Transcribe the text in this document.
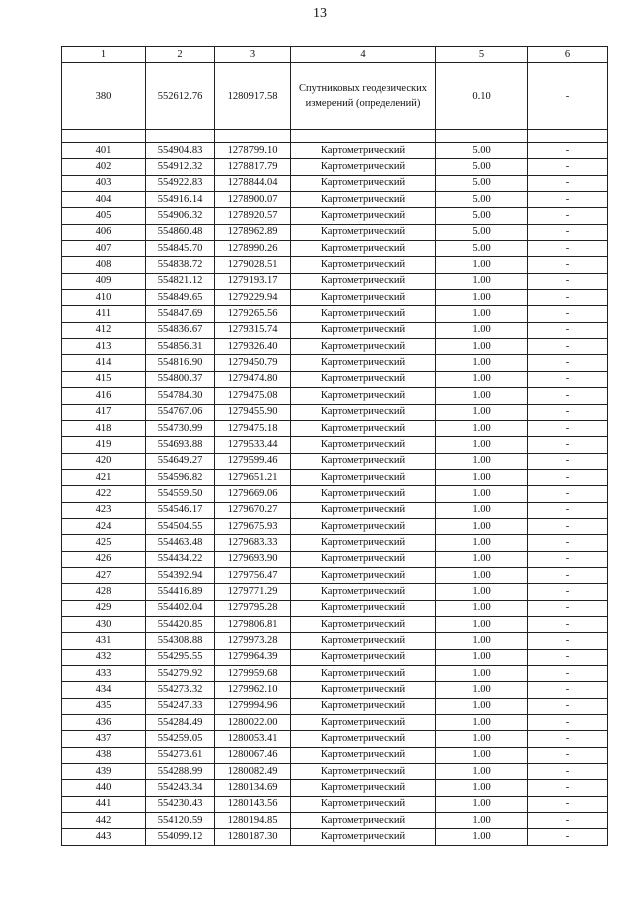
13
1	2	3	4	5	6
380	552612.76	1280917.58	Спутниковых геодезических измерений (определений)	0.10	-

401	554904.83	1278799.10	Картометрический	5.00	-
402	554912.32	1278817.79	Картометрический	5.00	-
403	554922.83	1278844.04	Картометрический	5.00	-
404	554916.14	1278900.07	Картометрический	5.00	-
405	554906.32	1278920.57	Картометрический	5.00	-
406	554860.48	1278962.89	Картометрический	5.00	-
407	554845.70	1278990.26	Картометрический	5.00	-
408	554838.72	1279028.51	Картометрический	1.00	-
409	554821.12	1279193.17	Картометрический	1.00	-
410	554849.65	1279229.94	Картометрический	1.00	-
411	554847.69	1279265.56	Картометрический	1.00	-
412	554836.67	1279315.74	Картометрический	1.00	-
413	554856.31	1279326.40	Картометрический	1.00	-
414	554816.90	1279450.79	Картометрический	1.00	-
415	554800.37	1279474.80	Картометрический	1.00	-
416	554784.30	1279475.08	Картометрический	1.00	-
417	554767.06	1279455.90	Картометрический	1.00	-
418	554730.99	1279475.18	Картометрический	1.00	-
419	554693.88	1279533.44	Картометрический	1.00	-
420	554649.27	1279599.46	Картометрический	1.00	-
421	554596.82	1279651.21	Картометрический	1.00	-
422	554559.50	1279669.06	Картометрический	1.00	-
423	554546.17	1279670.27	Картометрический	1.00	-
424	554504.55	1279675.93	Картометрический	1.00	-
425	554463.48	1279683.33	Картометрический	1.00	-
426	554434.22	1279693.90	Картометрический	1.00	-
427	554392.94	1279756.47	Картометрический	1.00	-
428	554416.89	1279771.29	Картометрический	1.00	-
429	554402.04	1279795.28	Картометрический	1.00	-
430	554420.85	1279806.81	Картометрический	1.00	-
431	554308.88	1279973.28	Картометрический	1.00	-
432	554295.55	1279964.39	Картометрический	1.00	-
433	554279.92	1279959.68	Картометрический	1.00	-
434	554273.32	1279962.10	Картометрический	1.00	-
435	554247.33	1279994.96	Картометрический	1.00	-
436	554284.49	1280022.00	Картометрический	1.00	-
437	554259.05	1280053.41	Картометрический	1.00	-
438	554273.61	1280067.46	Картометрический	1.00	-
439	554288.99	1280082.49	Картометрический	1.00	-
440	554243.34	1280134.69	Картометрический	1.00	-
441	554230.43	1280143.56	Картометрический	1.00	-
442	554120.59	1280194.85	Картометрический	1.00	-
443	554099.12	1280187.30	Картометрический	1.00	-
